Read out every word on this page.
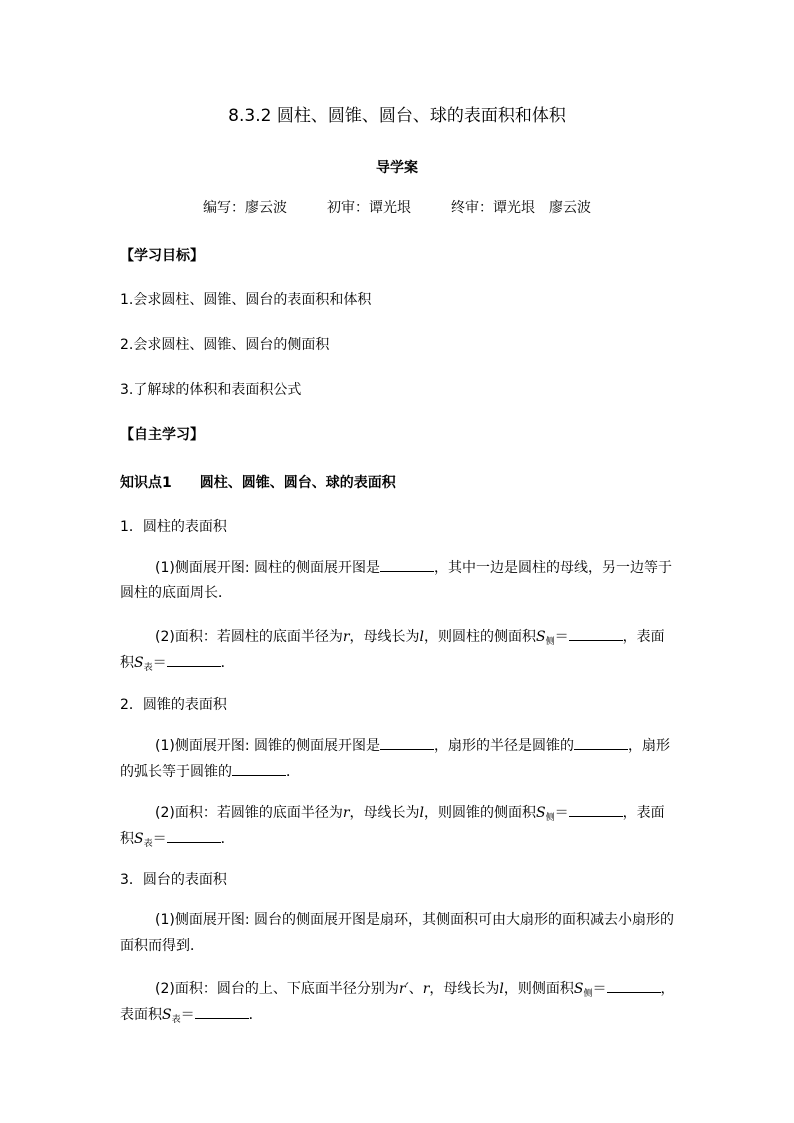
8.3.2 圆柱、圆锥、圆台、球的表面积和体积
导学案
编写：廖云波	初审：谭光垠	终审：谭光垠　廖云波
【学习目标】
1.会求圆柱、圆锥、圆台的表面积和体积
2.会求圆柱、圆锥、圆台的侧面积
3.了解球的体积和表面积公式
【自主学习】
知识点1 圆柱、圆锥、圆台、球的表面积
1．圆柱的表面积
(1)侧面展开图: 圆柱的侧面展开图是	，其中一边是圆柱的母线，另一边等于
圆柱的底面周长．
(2)面积：若圆柱的底面半径为r，母线长为l，则圆柱的侧面积$S_侧=$	，表面
积$S_表=$	．
2．圆锥的表面积
(1)侧面展开图: 圆锥的侧面展开图是	，扇形的半径是圆锥的	，扇形
的弧长等于圆锥的	．
(2)面积：若圆锥的底面半径为r，母线长为l，则圆锥的侧面积$S_侧=$	，表面
积$S_表=$	．
3．圆台的表面积
(1)侧面展开图: 圆台的侧面展开图是扇环，其侧面积可由大扇形的面积减去小扇形的
面积而得到．
(2)面积：圆台的上、下底面半径分别为r′、r，母线长为l，则侧面积$S_侧=$	，
表面积$S_表=$	．
